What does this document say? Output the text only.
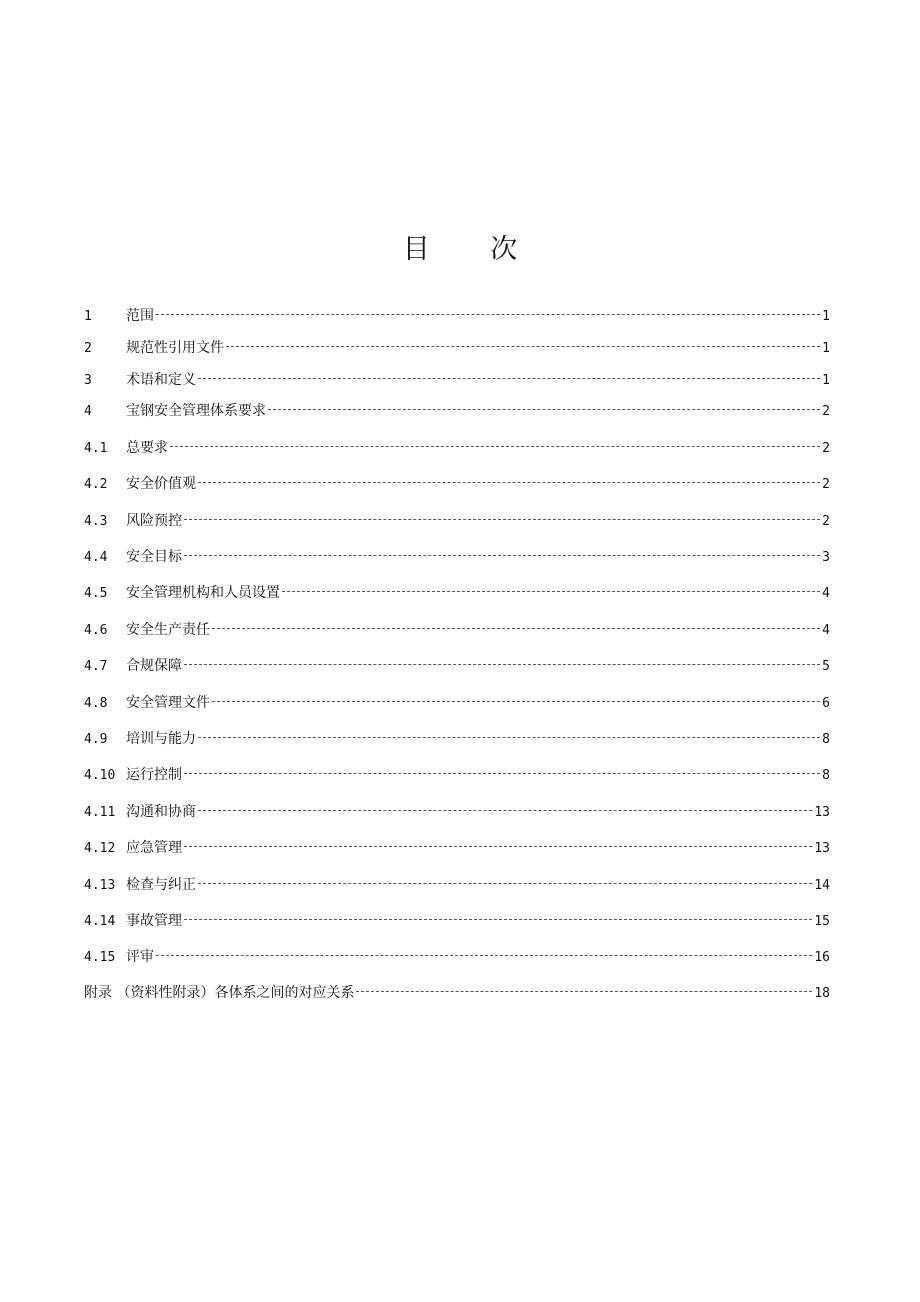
目 次
1	范围	1
2	规范性引用文件	1
3	术语和定义	1
4	宝钢安全管理体系要求	2
4.1	总要求	2
4.2	安全价值观	2
4.3	风险预控	2
4.4	安全目标	3
4.5	安全管理机构和人员设置	4
4.6	安全生产责任	4
4.7	合规保障	5
4.8	安全管理文件	6
4.9	培训与能力	8
4.10 运行控制	8
4.11 沟通和协商	13
4.12 应急管理	13
4.13 检查与纠正	14
4.14 事故管理	15
4.15 评审	16
附录 （资料性附录）各体系之间的对应关系	18
